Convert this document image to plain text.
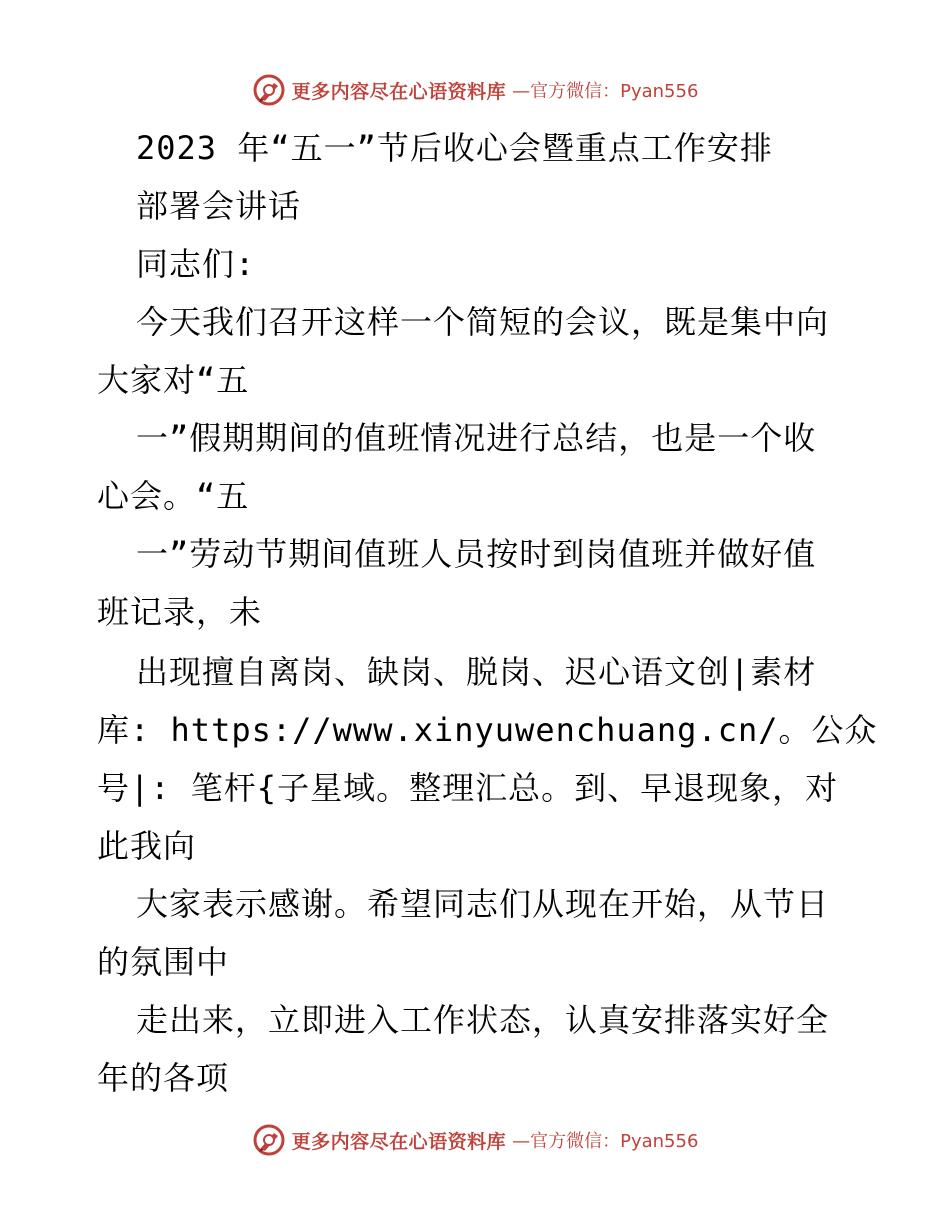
更多内容尽在心语资料库 —官方微信：Pyan556
2023 年“五一”节后收心会暨重点工作安排
部署会讲话
同志们:
今天我们召开这样一个简短的会议，既是集中向
大家对“五
一”假期期间的值班情况进行总结，也是一个收
心会。“五
一”劳动节期间值班人员按时到岗值班并做好值
班记录，未
出现擅自离岗、缺岗、脱岗、迟心语文创|素材
库: https://www.xinyuwenchuang.cn/。公众
号|: 笔杆{子星域。整理汇总。到、早退现象，对
此我向
大家表示感谢。希望同志们从现在开始，从节日
的氛围中
走出来，立即进入工作状态，认真安排落实好全
年的各项
更多内容尽在心语资料库 —官方微信：Pyan556
